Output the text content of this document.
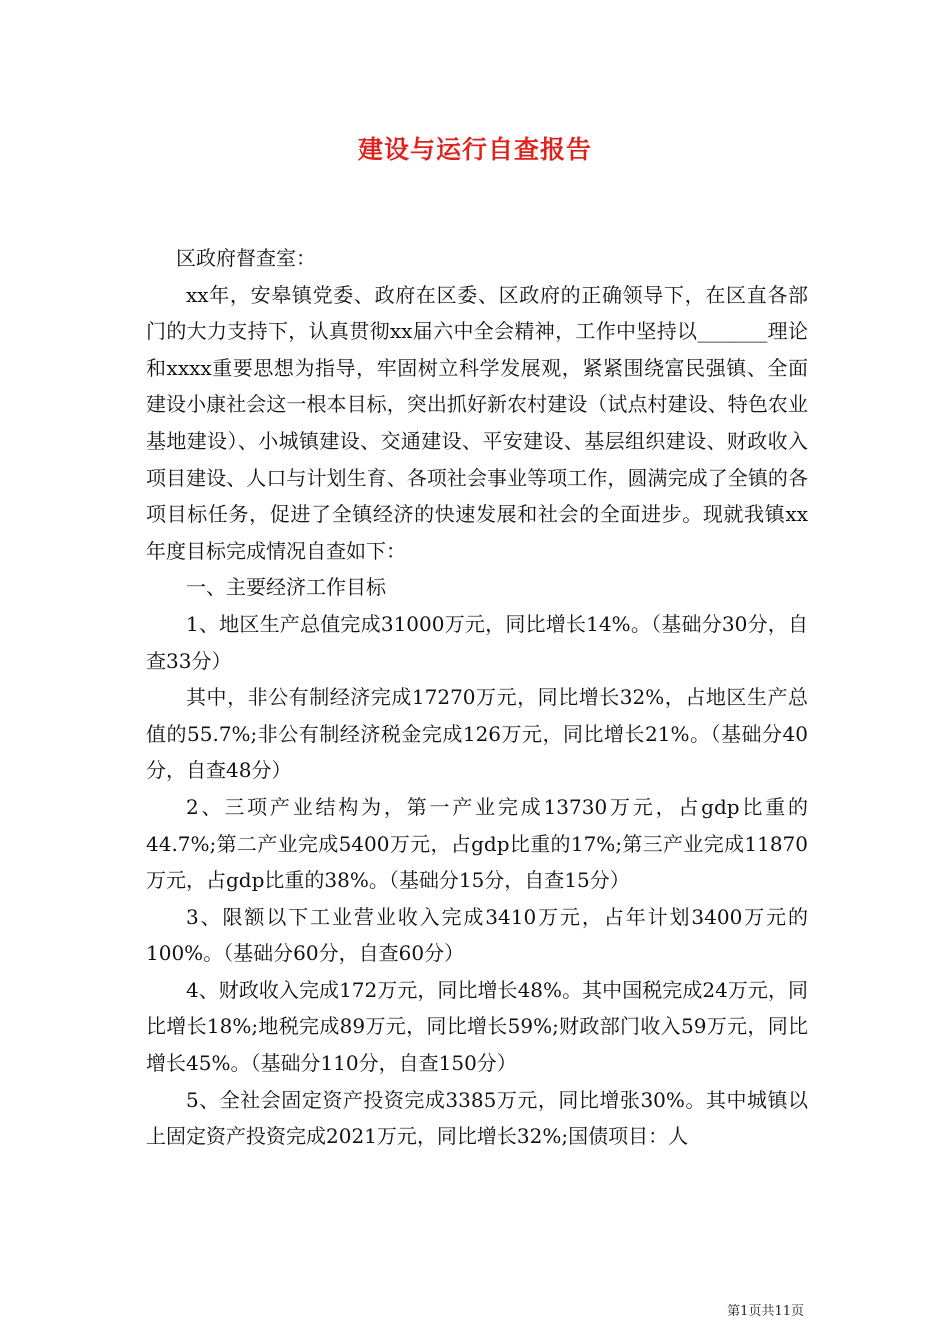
建设与运行自查报告

区政府督查室：

xx年，安皋镇党委、政府在区委、区政府的正确领导下，在区直各部门的大力支持下，认真贯彻xx届六中全会精神，工作中坚持以_______理论和xxxx重要思想为指导，牢固树立科学发展观，紧紧围绕富民强镇、全面建设小康社会这一根本目标，突出抓好新农村建设（试点村建设、特色农业基地建设）、小城镇建设、交通建设、平安建设、基层组织建设、财政收入项目建设、人口与计划生育、各项社会事业等项工作，圆满完成了全镇的各项目标任务，促进了全镇经济的快速发展和社会的全面进步。现就我镇xx年度目标完成情况自查如下：

一、主要经济工作目标

1、地区生产总值完成31000万元，同比增长14%。（基础分30分，自查33分）

其中，非公有制经济完成17270万元，同比增长32%，占地区生产总值的55.7%;非公有制经济税金完成126万元，同比增长21%。（基础分40分，自查48分）

2、三项产业结构为，第一产业完成13730万元，占gdp比重的44.7%;第二产业完成5400万元，占gdp比重的17%;第三产业完成11870万元，占gdp比重的38%。（基础分15分，自查15分）

3、限额以下工业营业收入完成3410万元，占年计划3400万元的100%。（基础分60分，自查60分）

4、财政收入完成172万元，同比增长48%。其中国税完成24万元，同比增长18%;地税完成89万元，同比增长59%;财政部门收入59万元，同比增长45%。（基础分110分，自查150分）

5、全社会固定资产投资完成3385万元，同比增张30%。其中城镇以上固定资产投资完成2021万元，同比增长32%;国债项目：人

第1页共11页
